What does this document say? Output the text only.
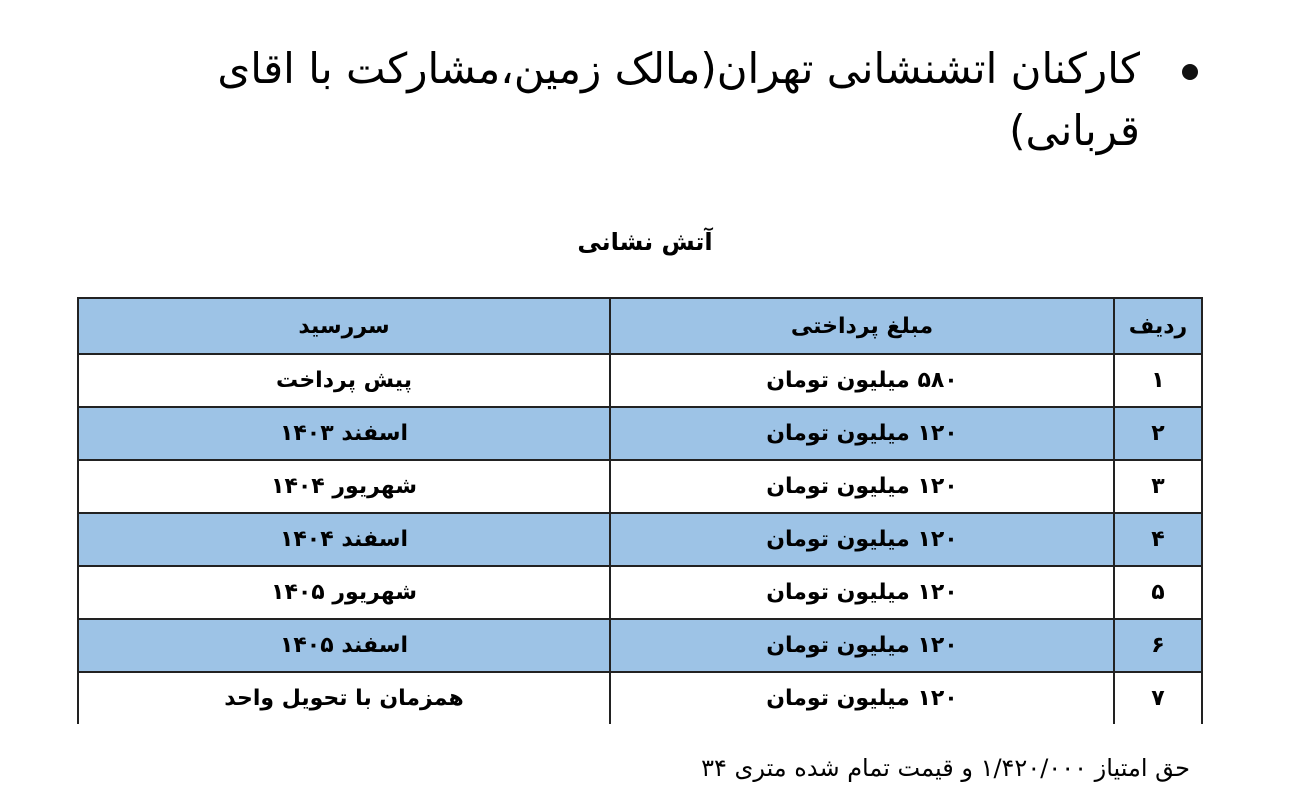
کارکنان اتشنشانی تهران(مالک زمین،مشارکت با اقای قربانی)
آتش نشانی
ردیف	مبلغ پرداختی	سررسید
۱	۵۸۰ میلیون تومان	پیش پرداخت
۲	۱۲۰ میلیون تومان	اسفند ۱۴۰۳
۳	۱۲۰ میلیون تومان	شهریور ۱۴۰۴
۴	۱۲۰ میلیون تومان	اسفند ۱۴۰۴
۵	۱۲۰ میلیون تومان	شهریور ۱۴۰۵
۶	۱۲۰ میلیون تومان	اسفند ۱۴۰۵
۷	۱۲۰ میلیون تومان	همزمان با تحویل واحد
حق امتیاز ۱/۴۲۰/۰۰۰ و قیمت تمام شده متری ۳۴
